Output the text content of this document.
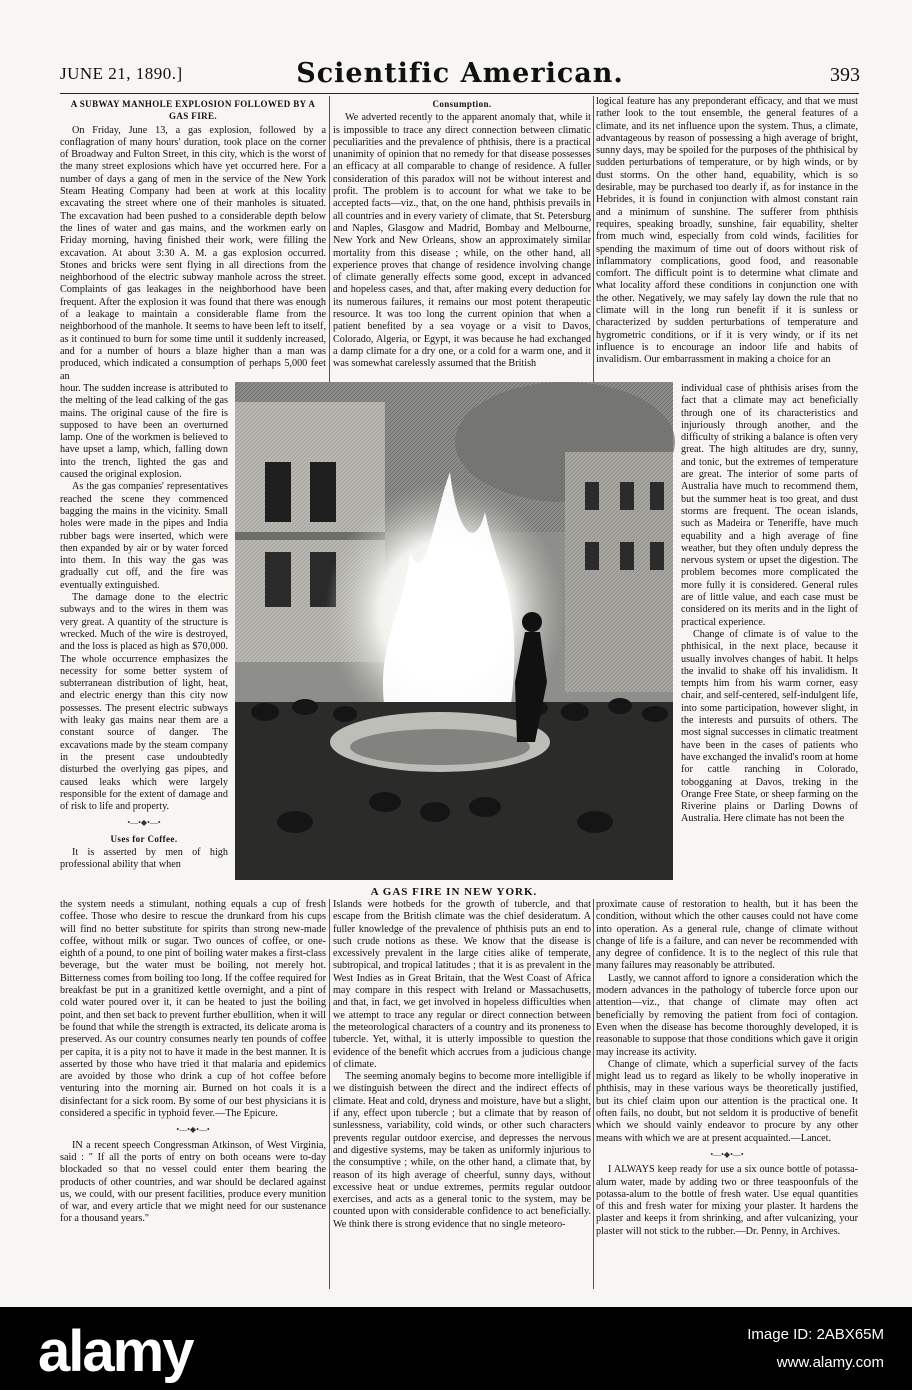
JUNE 21, 1890.]	Scientific American.	393

A SUBWAY MANHOLE EXPLOSION FOLLOWED BY A GAS FIRE.

On Friday, June 13, a gas explosion, followed by a conflagration of many hours' duration, took place on the corner of Broadway and Fulton Street, in this city, which is the worst of the many street explosions which have yet occurred here. For a number of days a gang of men in the service of the New York Steam Heating Company had been at work at this locality excavating the street where one of their manholes is situated. The excavation had been pushed to a considerable depth below the lines of water and gas mains, and the workmen early on Friday morning, having finished their work, were filling the excavation. At about 3:30 A. M. a gas explosion occurred. Stones and bricks were sent flying in all directions from the neighborhood of the electric subway manhole across the street. Complaints of gas leakages in the neighborhood have been frequent. After the explosion it was found that there was enough of a leakage to maintain a considerable flame from the neighborhood of the manhole. It seems to have been left to itself, as it continued to burn for some time until it suddenly increased, and for a number of hours a blaze higher than a man was produced, which indicated a consumption of perhaps 5,000 feet an

hour. The sudden increase is attributed to the melting of the lead calking of the gas mains. The original cause of the fire is supposed to have been an overturned lamp. One of the workmen is believed to have upset a lamp, which, falling down into the trench, lighted the gas and caused the original explosion.

As the gas companies' representatives reached the scene they commenced bagging the mains in the vicinity. Small holes were made in the pipes and India rubber bags were inserted, which were then expanded by air or by water forced into them. In this way the gas was gradually cut off, and the fire was eventually extinguished.

The damage done to the electric subways and to the wires in them was very great. A quantity of the structure is wrecked. Much of the wire is destroyed, and the loss is placed as high as $70,000. The whole occurrence emphasizes the necessity for some better system of subterranean distribution of light, heat, and electric energy than this city now possesses. The present electric subways with leaky gas mains near them are a constant source of danger. The excavations made by the steam company in the present case undoubtedly disturbed the overlying gas pipes, and caused leaks which were largely responsible for the extent of damage and of risk to life and property.

•—•◆•—•

Uses for Coffee.

It is asserted by men of high professional ability that when

the system needs a stimulant, nothing equals a cup of fresh coffee. Those who desire to rescue the drunkard from his cups will find no better substitute for spirits than strong new-made coffee, without milk or sugar. Two ounces of coffee, or one-eighth of a pound, to one pint of boiling water makes a first-class beverage, but the water must be boiling, not merely hot. Bitterness comes from boiling too long. If the coffee required for breakfast be put in a granitized kettle overnight, and a pint of cold water poured over it, it can be heated to just the boiling point, and then set back to prevent further ebullition, when it will be found that while the strength is extracted, its delicate aroma is preserved. As our country consumes nearly ten pounds of coffee per capita, it is a pity not to have it made in the best manner. It is asserted by those who have tried it that malaria and epidemics are avoided by those who drink a cup of hot coffee before venturing into the morning air. Burned on hot coals it is a disinfectant for a sick room. By some of our best physicians it is considered a specific in typhoid fever.—The Epicure.

•—•◆•—•

IN a recent speech Congressman Atkinson, of West Virginia, said : " If all the ports of entry on both oceans were to-day blockaded so that no vessel could enter them bearing the products of other countries, and war should be declared against us, we could, with our present facilities, produce every munition of war, and every article that we might need for our sustenance for a thousand years."

Consumption.

We adverted recently to the apparent anomaly that, while it is impossible to trace any direct connection between climatic peculiarities and the prevalence of phthisis, there is a practical unanimity of opinion that no remedy for that disease possesses an efficacy at all comparable to change of residence. A fuller consideration of this paradox will not be without interest and profit. The problem is to account for what we take to be accepted facts—viz., that, on the one hand, phthisis prevails in all countries and in every variety of climate, that St. Petersburg and Naples, Glasgow and Madrid, Bombay and Melbourne, New York and New Orleans, show an approximately similar mortality from this disease ; while, on the other hand, all experience proves that change of residence involving change of climate generally effects some good, except in advanced and hopeless cases, and that, after making every deduction for its numerous failures, it remains our most potent therapeutic resource. It was too long the current opinion that when a patient benefited by a sea voyage or a visit to Davos, Colorado, Algeria, or Egypt, it was because he had exchanged a damp climate for a dry one, or a cold for a warm one, and it was somewhat carelessly assumed that the British

Islands were hotbeds for the growth of tubercle, and that escape from the British climate was the chief desideratum. A fuller knowledge of the prevalence of phthisis puts an end to such crude notions as these. We know that the disease is excessively prevalent in the large cities alike of temperate, subtropical, and tropical latitudes ; that it is as prevalent in the West Indies as in Great Britain, that the West Coast of Africa may compare in this respect with Ireland or Massachusetts, and that, in fact, we get involved in hopeless difficulties when we attempt to trace any regular or direct connection between the meteorological characters of a country and its proneness to tubercle. Yet, withal, it is utterly impossible to question the evidence of the benefit which accrues from a judicious change of climate.

The seeming anomaly begins to become more intelligible if we distinguish between the direct and the indirect effects of climate. Heat and cold, dryness and moisture, have but a slight, if any, effect upon tubercle ; but a climate that by reason of sunlessness, variability, cold winds, or other such characters prevents regular outdoor exercise, and depresses the nervous and digestive systems, may be taken as uniformly injurious to the consumptive ; while, on the other hand, a climate that, by reason of its high average of cheerful, sunny days, without excessive heat or undue extremes, permits regular outdoor exercises, and acts as a general tonic to the system, may be counted upon with considerable confidence to act beneficially. We think there is strong evidence that no single meteoro-

logical feature has any preponderant efficacy, and that we must rather look to the tout ensemble, the general features of a climate, and its net influence upon the system. Thus, a climate, advantageous by reason of possessing a high average of bright, sunny days, may be spoiled for the purposes of the phthisical by sudden perturbations of temperature, or by high winds, or by dust storms. On the other hand, equability, which is so desirable, may be purchased too dearly if, as for instance in the Hebrides, it is found in conjunction with almost constant rain and a minimum of sunshine. The sufferer from phthisis requires, speaking broadly, sunshine, fair equability, shelter from much wind, especially from cold winds, facilities for spending the maximum of time out of doors without risk of inflammatory complications, good food, and reasonable comfort. The difficult point is to determine what climate and what locality afford these conditions in conjunction one with the other. Negatively, we may safely lay down the rule that no climate will in the long run benefit if it is sunless or characterized by sudden perturbations of temperature and hygrometric conditions, or if it is very windy, or if its net influence is to encourage an indoor life and habits of invalidism. Our embarrassment in making a choice for an

individual case of phthisis arises from the fact that a climate may act beneficially through one of its characteristics and injuriously through another, and the difficulty of striking a balance is often very great. The high altitudes are dry, sunny, and tonic, but the extremes of temperature are great. The interior of some parts of Australia have much to recommend them, but the summer heat is too great, and dust storms are frequent. The ocean islands, such as Madeira or Teneriffe, have much equability and a high average of fine weather, but they often unduly depress the nervous system or upset the digestion. The problem becomes more complicated the more fully it is considered. General rules are of little value, and each case must be considered on its merits and in the light of practical experience.

Change of climate is of value to the phthisical, in the next place, because it usually involves changes of habit. It helps the invalid to shake off his invalidism. It tempts him from his warm corner, easy chair, and self-centered, self-indulgent life, into some participation, however slight, in the interests and pursuits of others. The most signal successes in climatic treatment have been in the cases of patients who have exchanged the invalid's room at home for cattle ranching in Colorado, tobogganing at Davos, treking in the Orange Free State, or sheep farming on the Riverine plains or Darling Downs of Australia. Here climate has not been the

proximate cause of restoration to health, but it has been the condition, without which the other causes could not have come into operation. As a general rule, change of climate without change of life is a failure, and can never be recommended with any degree of confidence. It is to the neglect of this rule that many failures may reasonably be attributed.

Lastly, we cannot afford to ignore a consideration which the modern advances in the pathology of tubercle force upon our attention—viz., that change of climate may often act beneficially by removing the patient from foci of contagion. Even when the disease has become thoroughly developed, it is reasonable to suppose that those conditions which gave it origin may increase its activity.

Change of climate, which a superficial survey of the facts might lead us to regard as likely to be wholly inoperative in phthisis, may in these various ways be theoretically justified, but its chief claim upon our attention is the practical one. It often fails, no doubt, but not seldom it is productive of benefit which we should vainly endeavor to procure by any other means with which we are at present acquainted.—Lancet.

•—•◆•—•

I ALWAYS keep ready for use a six ounce bottle of potassa-alum water, made by adding two or three teaspoonfuls of the potassa-alum to the bottle of fresh water. Use equal quantities of this and fresh water for mixing your plaster. It hardens the plaster and keeps it from shrinking, and after vulcanizing, your plaster will not stick to the rubber.—Dr. Penny, in Archives.

A GAS FIRE IN NEW YORK.
alamy	Image ID: 2ABX65M
www.alamy.com
